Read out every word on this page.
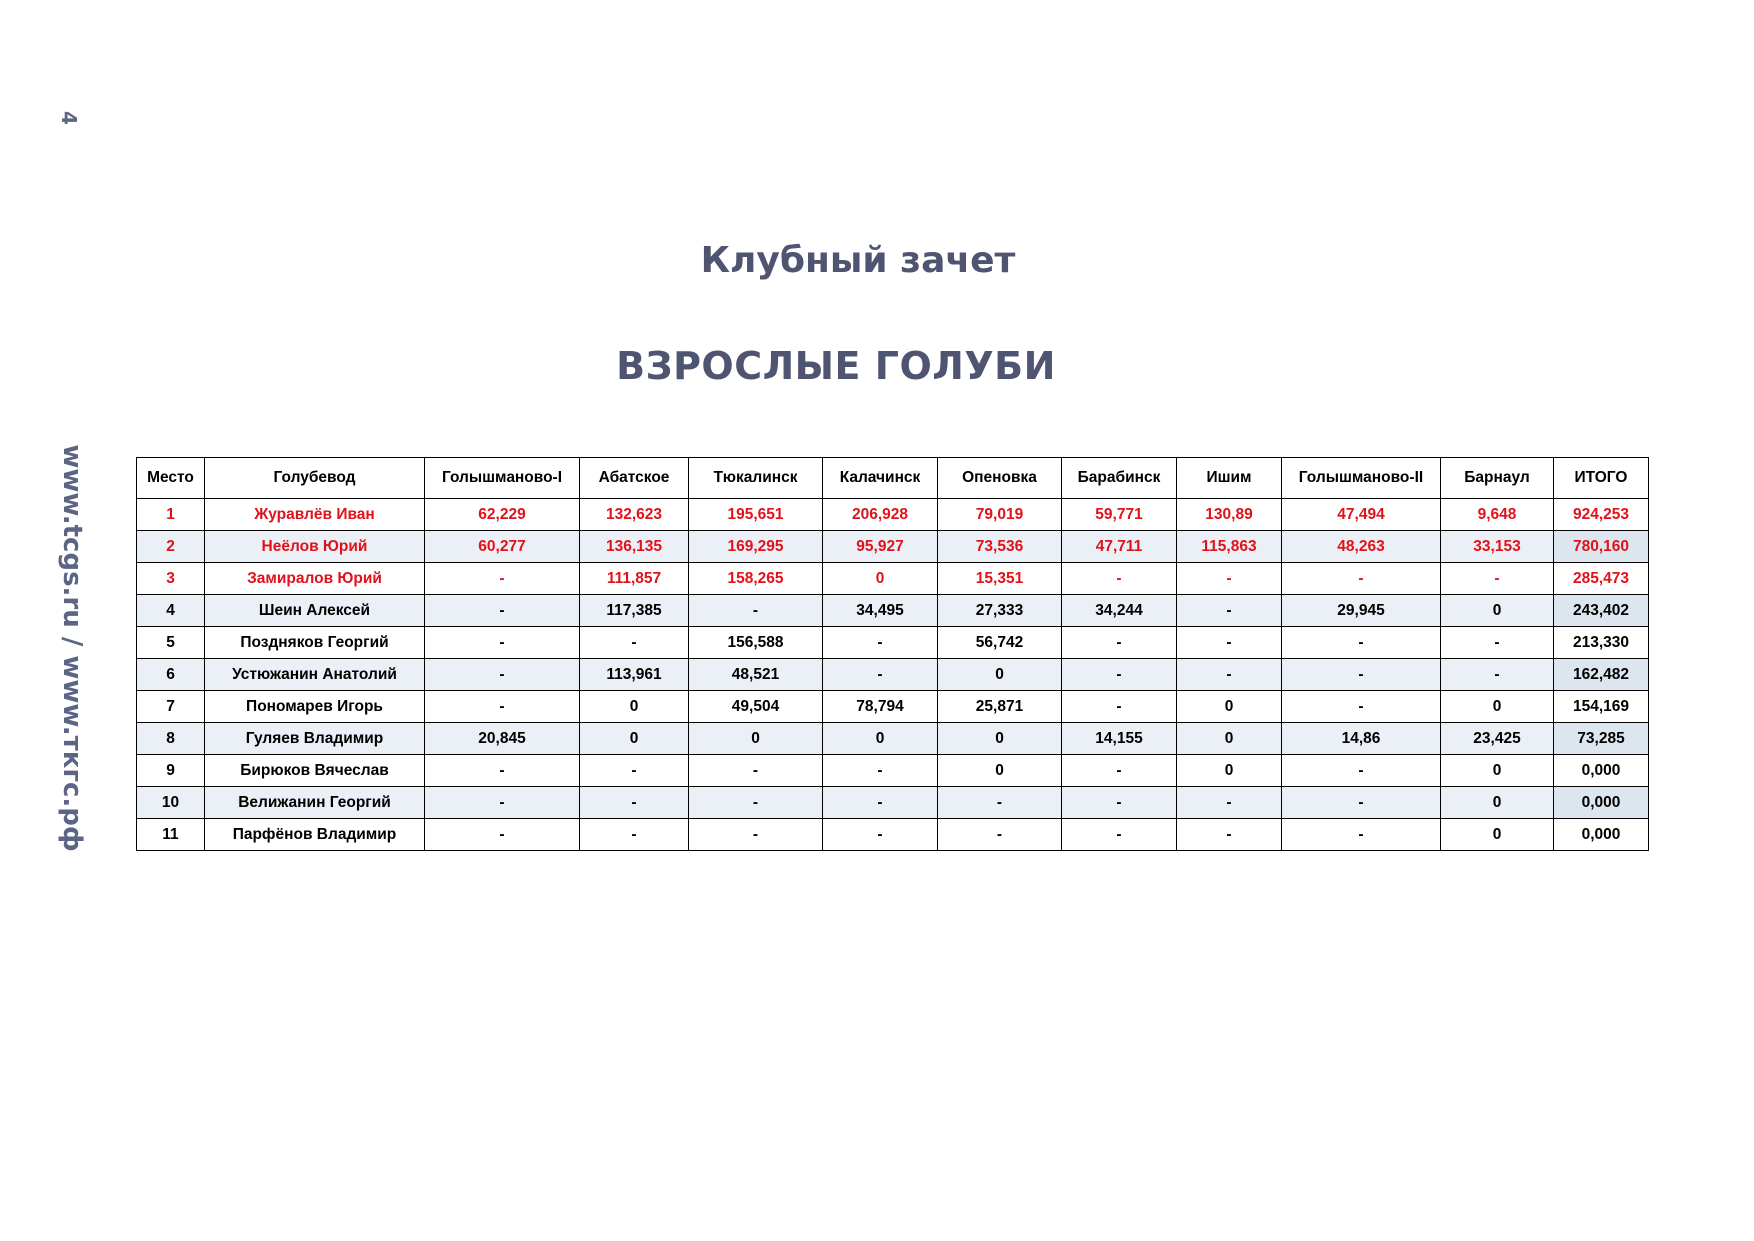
4
www.tcgs.ru / www.ткгс.рф
Клубный зачет
ВЗРОСЛЫЕ ГОЛУБИ
Место	Голубевод	Голышманово-I	Абатское	Тюкалинск	Калачинск	Опеновка	Барабинск	Ишим	Голышманово-II	Барнаул	ИТОГО
1	Журавлёв Иван	62,229	132,623	195,651	206,928	79,019	59,771	130,89	47,494	9,648	924,253
2	Неёлов Юрий	60,277	136,135	169,295	95,927	73,536	47,711	115,863	48,263	33,153	780,160
3	Замиралов Юрий	-	111,857	158,265	0	15,351	-	-	-	-	285,473
4	Шеин Алексей	-	117,385	-	34,495	27,333	34,244	-	29,945	0	243,402
5	Поздняков Георгий	-	-	156,588	-	56,742	-	-	-	-	213,330
6	Устюжанин Анатолий	-	113,961	48,521	-	0	-	-	-	-	162,482
7	Пономарев Игорь	-	0	49,504	78,794	25,871	-	0	-	0	154,169
8	Гуляев Владимир	20,845	0	0	0	0	14,155	0	14,86	23,425	73,285
9	Бирюков Вячеслав	-	-	-	-	0	-	0	-	0	0,000
10	Велижанин Георгий	-	-	-	-	-	-	-	-	0	0,000
11	Парфёнов Владимир	-	-	-	-	-	-	-	-	0	0,000
